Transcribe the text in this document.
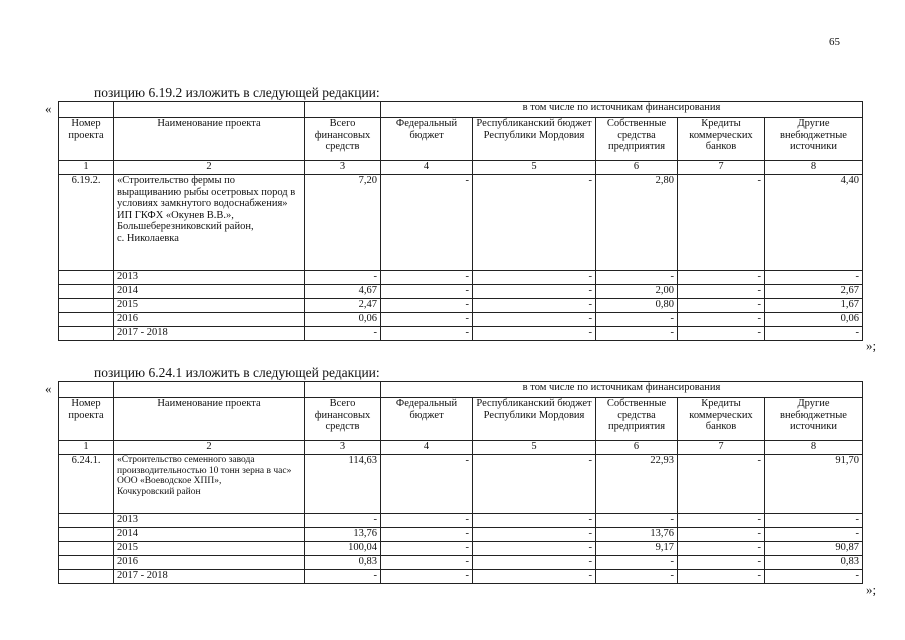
65
позицию 6.19.2 изложить в следующей редакции:
«
				в том числе по источникам финансирования				
Номер проекта	Наименование проекта	Всего финансовых средств	Федеральный бюджет	Республиканский бюджет Республики Мордовия	Собственные средства предприятия	Кредиты коммерческих банков	Другие внебюджетные источники
1	2	3	4	5	6	7	8
6.19.2.	«Строительство фермы по выращиванию рыбы осетровых пород в условиях замкнутого водоснабжения»
ИП ГКФХ «Окунев В.В.»,
Большеберезниковский район,
с. Николаевка	7,20	-	-	2,80	-	4,40
	2013	-	-	-	-	-	-
	2014	4,67	-	-	2,00	-	2,67
	2015	2,47	-	-	0,80	-	1,67
	2016	0,06	-	-	-	-	0,06
	2017 - 2018	-	-	-	-	-	-
»;
позицию 6.24.1 изложить в следующей редакции:
«
				в том числе по источникам финансирования				
Номер проекта	Наименование проекта	Всего финансовых средств	Федеральный бюджет	Республиканский бюджет Республики Мордовия	Собственные средства предприятия	Кредиты коммерческих банков	Другие внебюджетные источники
1	2	3	4	5	6	7	8
6.24.1.	«Строительство семенного завода производительностью 10 тонн зерна в час»
ООО «Воеводское ХПП»,
Кочкуровский район	114,63	-	-	22,93	-	91,70
	2013	-	-	-	-	-	-
	2014	13,76	-	-	13,76	-	-
	2015	100,04	-	-	9,17	-	90,87
	2016	0,83	-	-	-	-	0,83
	2017 - 2018	-	-	-	-	-	-
»;
